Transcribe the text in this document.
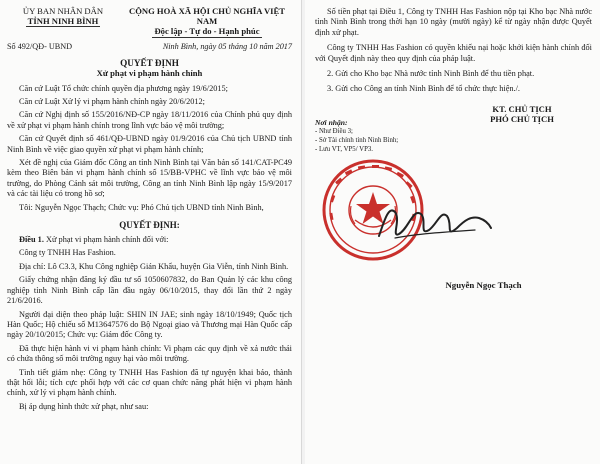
ỦY BAN NHÂN DÂN
TỈNH NINH BÌNH
CỘNG HOÀ XÃ HỘI CHỦ NGHĨA VIỆT NAM
Độc lập - Tự do - Hạnh phúc
Số 492/QĐ- UBND	Ninh Bình, ngày 05 tháng 10 năm 2017
QUYẾT ĐỊNH
Xử phạt vi phạm hành chính

Căn cứ Luật Tổ chức chính quyền địa phương ngày 19/6/2015;

Căn cứ Luật Xử lý vi phạm hành chính ngày 20/6/2012;

Căn cứ Nghị định số 155/2016/NĐ-CP ngày 18/11/2016 của Chính phủ quy định về xử phạt vi phạm hành chính trong lĩnh vực bảo vệ môi trường;

Căn cứ Quyết định số 461/QĐ-UBND ngày 01/9/2016 của Chủ tịch UBND tỉnh Ninh Bình về việc giao quyền xử phạt vi phạm hành chính;

Xét đề nghị của Giám đốc Công an tỉnh Ninh Bình tại Văn bản số 141/CAT-PC49 kèm theo Biên bản vi phạm hành chính số 15/BB-VPHC về lĩnh vực bảo vệ môi trường, do Phòng Cảnh sát môi trường, Công an tỉnh Ninh Bình lập ngày 15/9/2017 và các tài liệu có trong hồ sơ;

Tôi: Nguyễn Ngọc Thạch; Chức vụ: Phó Chủ tịch UBND tỉnh Ninh Bình,

QUYẾT ĐỊNH:

Điều 1. Xử phạt vi phạm hành chính đối với:

Công ty TNHH Has Fashion.

Địa chỉ: Lô C3.3, Khu Công nghiệp Gián Khẩu, huyện Gia Viễn, tỉnh Ninh Bình.

Giấy chứng nhận đăng ký đầu tư số 1050607832, do Ban Quản lý các khu công nghiệp tỉnh Ninh Bình cấp lần đầu ngày 06/10/2015, thay đổi lần thứ 2 ngày 21/6/2016.

Người đại diện theo pháp luật: SHIN IN JAE; sinh ngày 18/10/1949; Quốc tịch Hàn Quốc; Hộ chiếu số M13647576 do Bộ Ngoại giao và Thương mại Hàn Quốc cấp ngày 20/10/2015; Chức vụ: Giám đốc Công ty.

Đã thực hiện hành vi vi phạm hành chính: Vi phạm các quy định về xả nước thải có chứa thông số môi trường nguy hại vào môi trường.

Tình tiết giảm nhẹ: Công ty TNHH Has Fashion đã tự nguyện khai báo, thành thật hối lỗi; tích cực phối hợp với các cơ quan chức năng phát hiện vi phạm hành chính, xử lý vi phạm hành chính.

Bị áp dụng hình thức xử phạt, như sau:

Số tiền phạt tại Điều 1, Công ty TNHH Has Fashion nộp tại Kho bạc Nhà nước tỉnh Ninh Bình trong thời hạn 10 ngày (mười ngày) kể từ ngày nhận được Quyết định xử phạt.

Công ty TNHH Has Fashion có quyền khiếu nại hoặc khởi kiện hành chính đối với Quyết định này theo quy định của pháp luật.

2. Gửi cho Kho bạc Nhà nước tỉnh Ninh Bình để thu tiền phạt.

3. Gửi cho Công an tỉnh Ninh Bình để tổ chức thực hiện./.

Nơi nhận:
- Như Điều 3;
- Sở Tài chính tỉnh Ninh Bình;
- Lưu VT, VP5/ VP3.
KT. CHỦ TỊCH
PHÓ CHỦ TỊCH
Nguyễn Ngọc Thạch
